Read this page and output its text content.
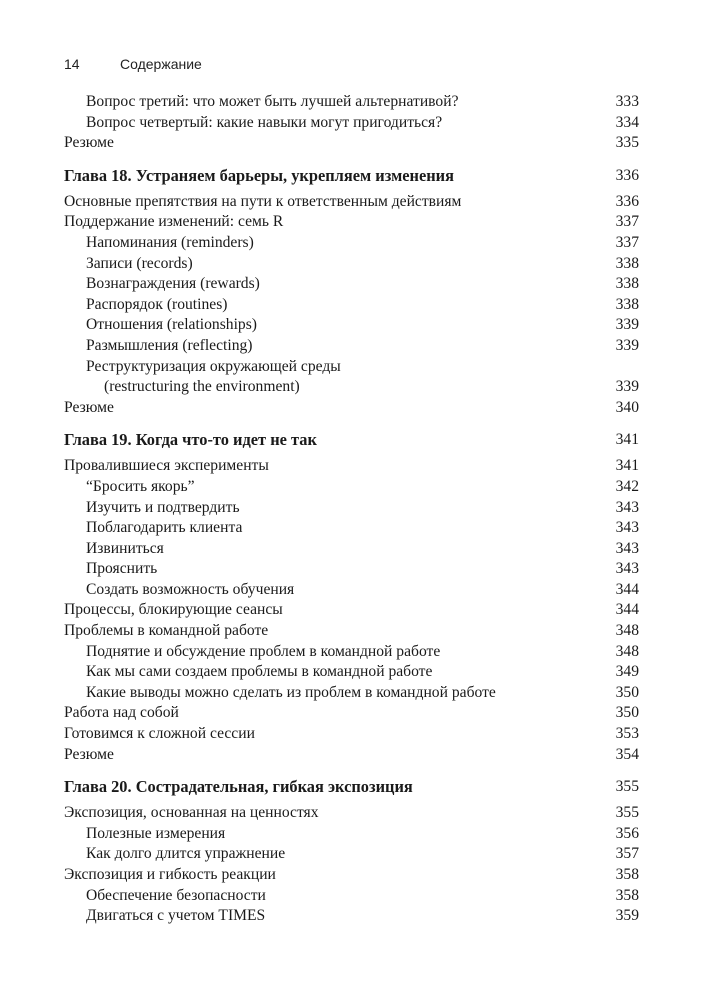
14	Содержание
Вопрос третий: что может быть лучшей альтернативой?	333
Вопрос четвертый: какие навыки могут пригодиться?	334
Резюме	335
Глава 18. Устраняем барьеры, укрепляем изменения	336
Основные препятствия на пути к ответственным действиям	336
Поддержание изменений: семь R	337
Напоминания (reminders)	337
Записи (records)	338
Вознаграждения (rewards)	338
Распорядок (routines)	338
Отношения (relationships)	339
Размышления (reflecting)	339
Реструктуризация окружающей среды
(restructuring the environment)	339
Резюме	340
Глава 19. Когда что-то идет не так	341
Провалившиеся эксперименты	341
“Бросить якорь”	342
Изучить и подтвердить	343
Поблагодарить клиента	343
Извиниться	343
Прояснить	343
Создать возможность обучения	344
Процессы, блокирующие сеансы	344
Проблемы в командной работе	348
Поднятие и обсуждение проблем в командной работе	348
Как мы сами создаем проблемы в командной работе	349
Какие выводы можно сделать из проблем в командной работе	350
Работа над собой	350
Готовимся к сложной сессии	353
Резюме	354
Глава 20. Сострадательная, гибкая экспозиция	355
Экспозиция, основанная на ценностях	355
Полезные измерения	356
Как долго длится упражнение	357
Экспозиция и гибкость реакции	358
Обеспечение безопасности	358
Двигаться с учетом TIMES	359
